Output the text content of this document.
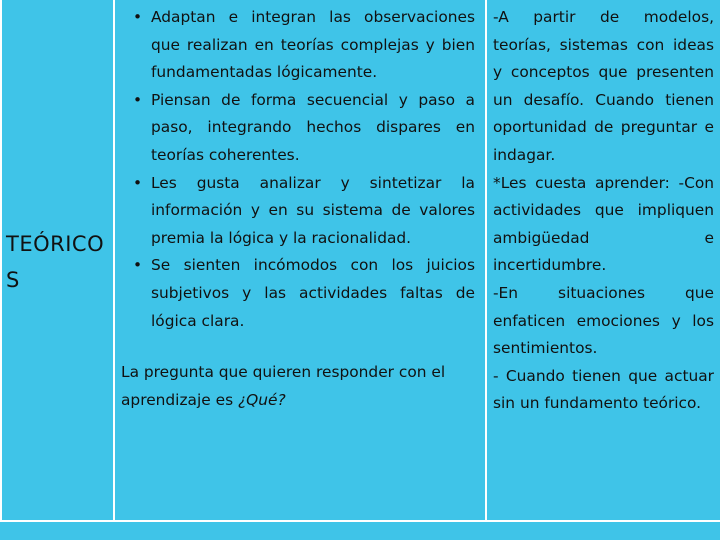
TEÓRICOS
• Adaptan e integran las observaciones que realizan en teorías complejas y bien fundamentadas lógicamente.
• Piensan de forma secuencial y paso a paso, integrando hechos dispares en teorías coherentes.
• Les gusta analizar y sintetizar la información y en su sistema de valores premia la lógica y la racionalidad.
• Se sienten incómodos con los juicios subjetivos y las actividades faltas de lógica clara.
La pregunta que quieren responder con el aprendizaje es ¿Qué?

-A partir de modelos, teorías, sistemas con ideas y conceptos que presenten un desafío. Cuando tienen oportunidad de preguntar e indagar.

*Les cuesta aprender: -Con actividades que impliquen ambigüedad e incertidumbre.

-En situaciones que enfaticen emociones y los sentimientos.

- Cuando tienen que actuar sin un fundamento teórico.
